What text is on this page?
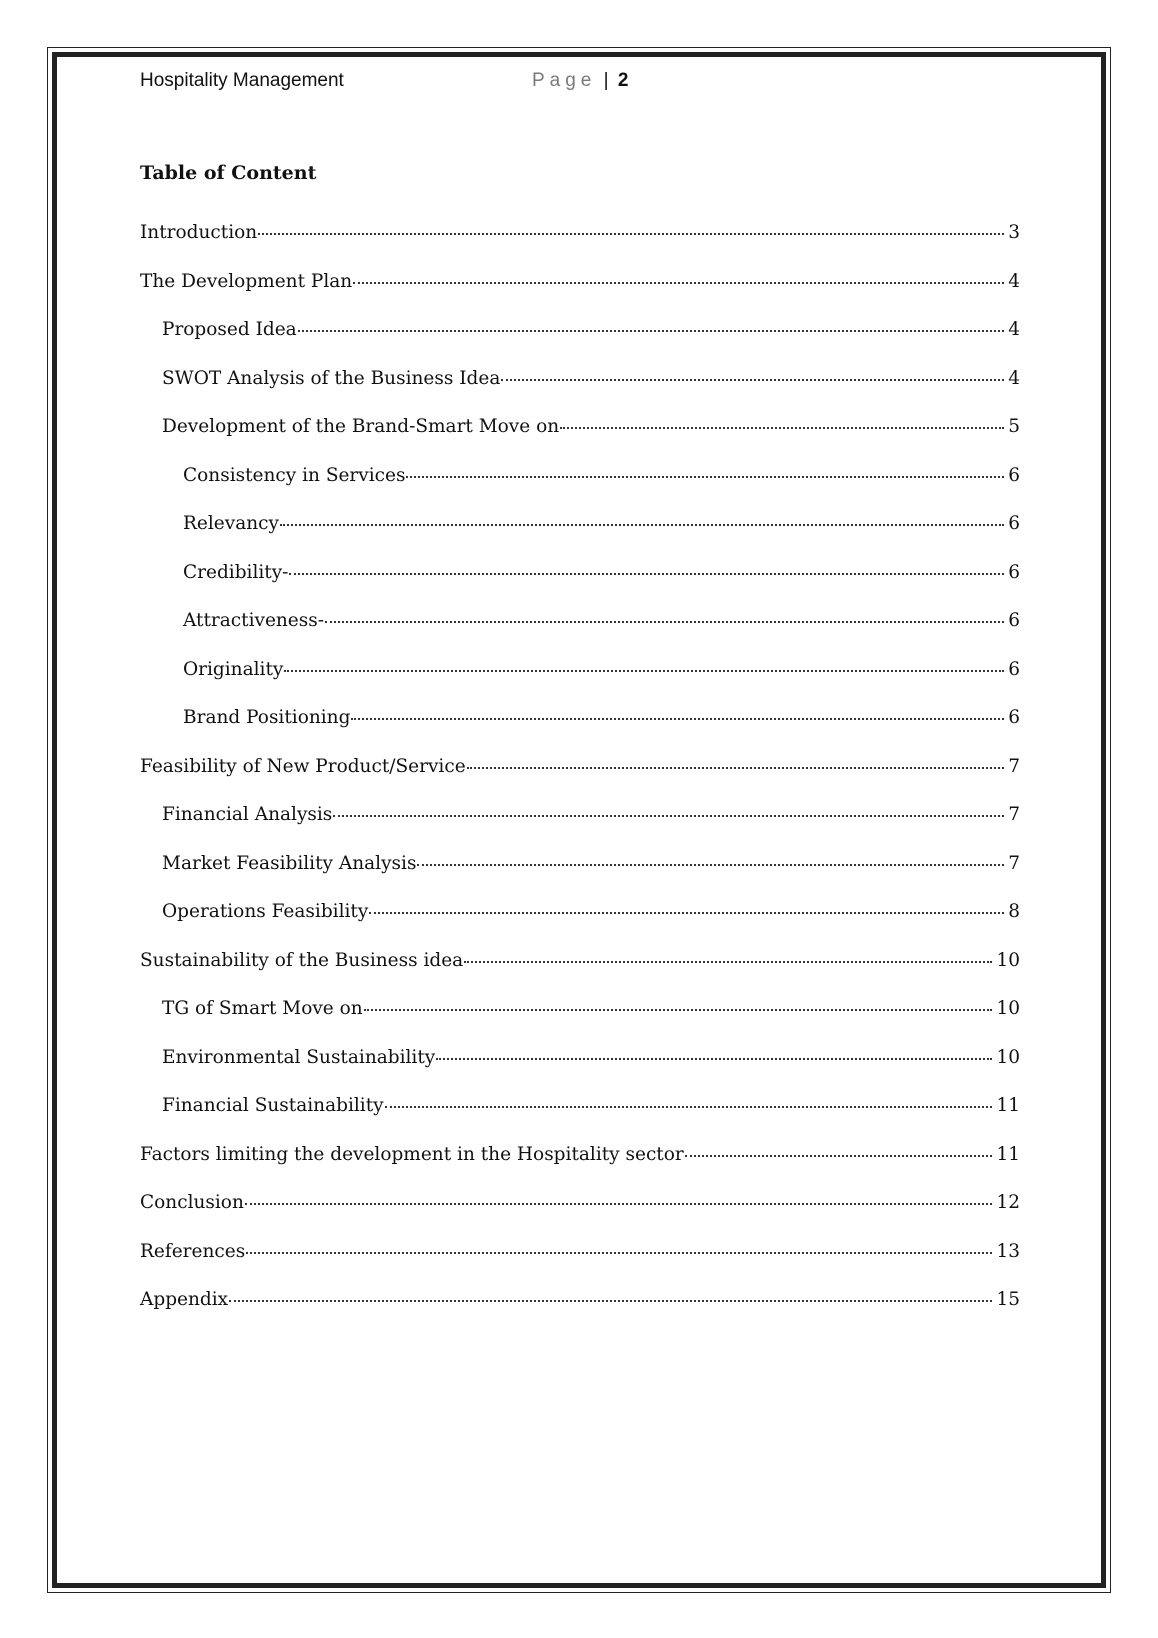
Hospitality Management	Page | 2
Table of Content
Introduction	3
The Development Plan	4
Proposed Idea	4
SWOT Analysis of the Business Idea	4
Development of the Brand-Smart Move on	5
Consistency in Services	6
Relevancy	6
Credibility-	6
Attractiveness-	6
Originality	6
Brand Positioning	6
Feasibility of New Product/Service	7
Financial Analysis	7
Market Feasibility Analysis	7
Operations Feasibility	8
Sustainability of the Business idea	10
TG of Smart Move on	10
Environmental Sustainability	10
Financial Sustainability	11
Factors limiting the development in the Hospitality sector	11
Conclusion	12
References	13
Appendix	15
